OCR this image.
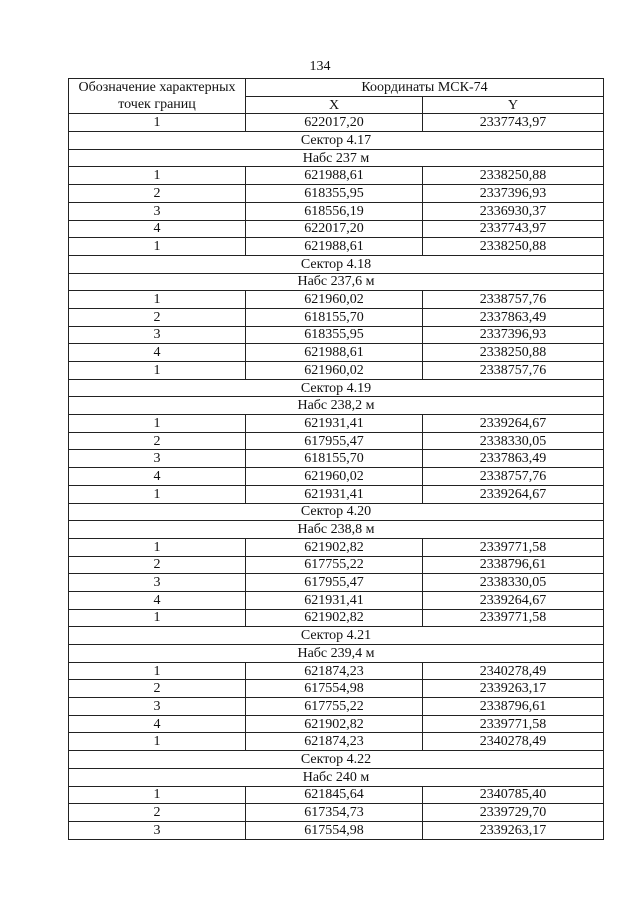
134
Обозначение характерных точек границ	Координаты МСК-74	
	X	Y
1	622017,20	2337743,97
Сектор 4.17		
Набс 237 м		
1	621988,61	2338250,88
2	618355,95	2337396,93
3	618556,19	2336930,37
4	622017,20	2337743,97
1	621988,61	2338250,88
Сектор 4.18		
Набс 237,6 м		
1	621960,02	2338757,76
2	618155,70	2337863,49
3	618355,95	2337396,93
4	621988,61	2338250,88
1	621960,02	2338757,76
Сектор 4.19		
Набс 238,2 м		
1	621931,41	2339264,67
2	617955,47	2338330,05
3	618155,70	2337863,49
4	621960,02	2338757,76
1	621931,41	2339264,67
Сектор 4.20		
Набс 238,8 м		
1	621902,82	2339771,58
2	617755,22	2338796,61
3	617955,47	2338330,05
4	621931,41	2339264,67
1	621902,82	2339771,58
Сектор 4.21		
Набс 239,4 м		
1	621874,23	2340278,49
2	617554,98	2339263,17
3	617755,22	2338796,61
4	621902,82	2339771,58
1	621874,23	2340278,49
Сектор 4.22		
Набс 240 м		
1	621845,64	2340785,40
2	617354,73	2339729,70
3	617554,98	2339263,17
